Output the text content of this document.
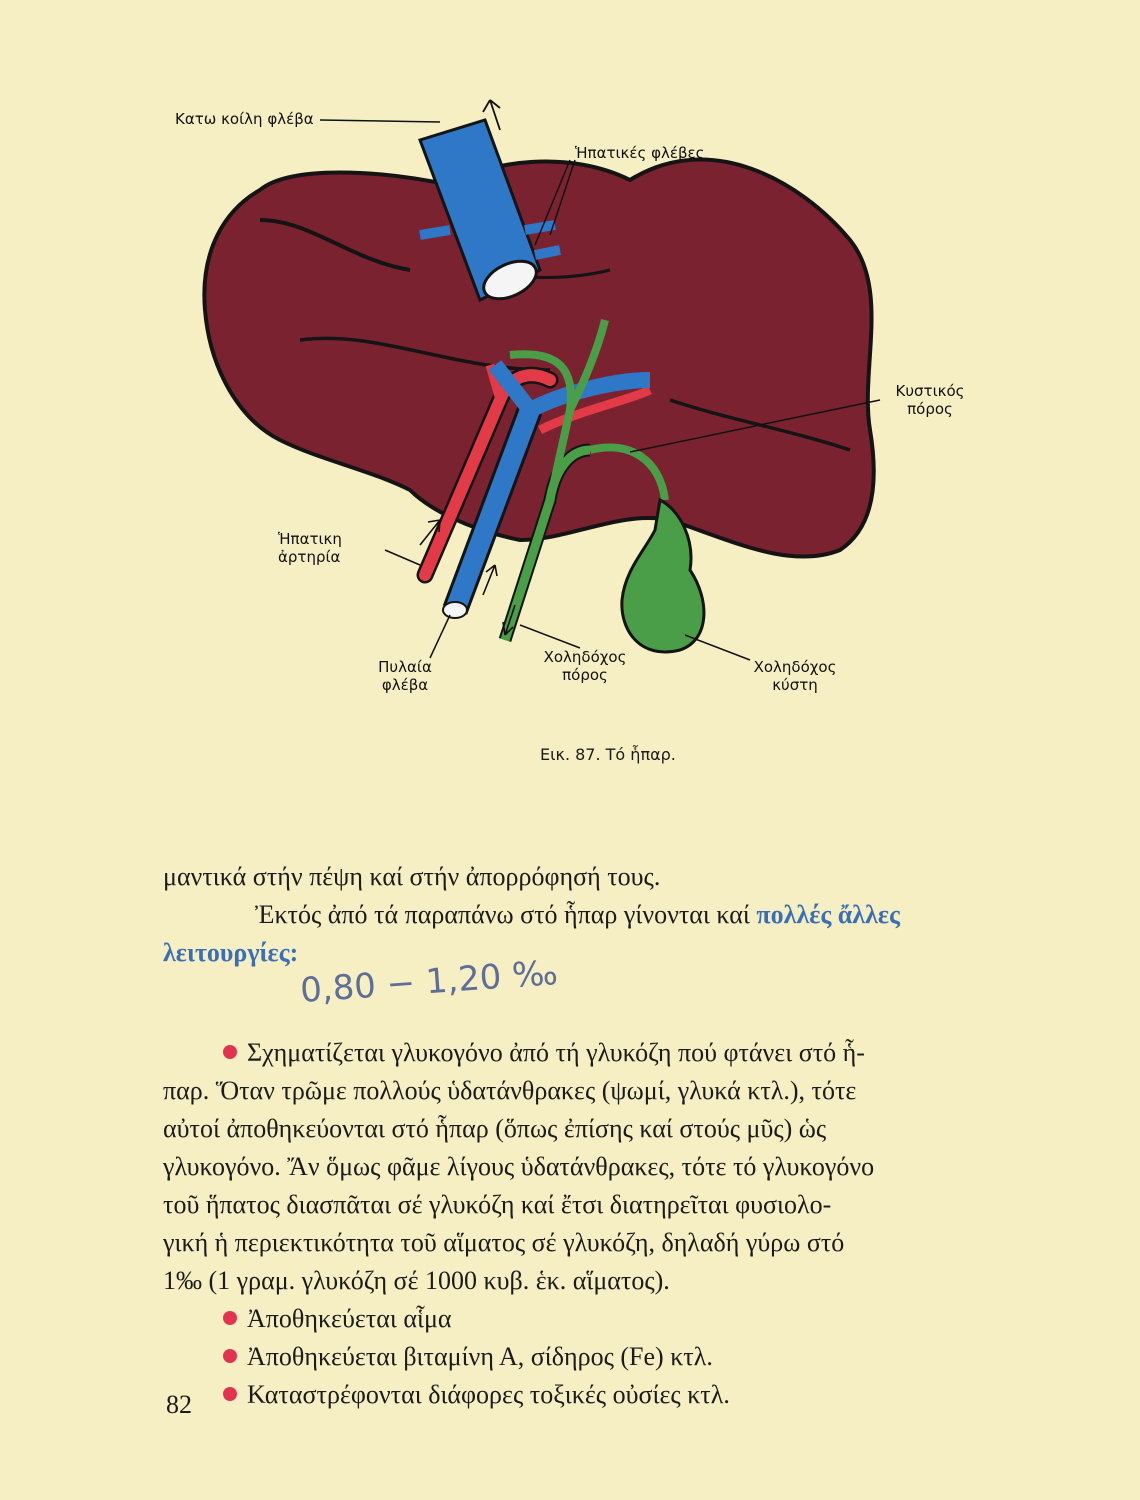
Κατω κοίλη φλέβα
Ἡπατικές φλέβες
Κυστικός
πόρος
Ἡπατικη
ἀρτηρία
Πυλαία
φλέβα
Χοληδόχος
πόρος	Χοληδόχος
κύστη
Εικ. 87. Τό ἧπαρ.
μαντικά στήν πέψη καί στήν ἀπορρόφησή τους.
Ἐκτός ἀπό τά παραπάνω στό ἧπαρ γίνονται καί πολλές ἄλλες
λειτουργίες:
Σχηματίζεται γλυκογόνο ἀπό τή γλυκόζη πού φτάνει στό ἧ-
παρ. Ὅταν τρῶμε πολλούς ὑδατάνθρακες (ψωμί, γλυκά κτλ.), τότε
αὐτοί ἀποθηκεύονται στό ἧπαρ (ὅπως ἐπίσης καί στούς μῦς) ὡς
γλυκογόνο. Ἄν ὅμως φᾶμε λίγους ὑδατάνθρακες, τότε τό γλυκογόνο
τοῦ ἥπατος διασπᾶται σέ γλυκόζη καί ἔτσι διατηρεῖται φυσιολο-
γική ἡ περιεκτικότητα τοῦ αἵματος σέ γλυκόζη, δηλαδή γύρω στό
1‰ (1 γραμ. γλυκόζη σέ 1000 κυβ. ἑκ. αἵματος).
Ἀποθηκεύεται αἷμα
Ἀποθηκεύεται βιταμίνη Α, σίδηρος (Fe) κτλ.
Καταστρέφονται διάφορες τοξικές οὐσίες κτλ.
0,80 − 1,20 ‰
82
